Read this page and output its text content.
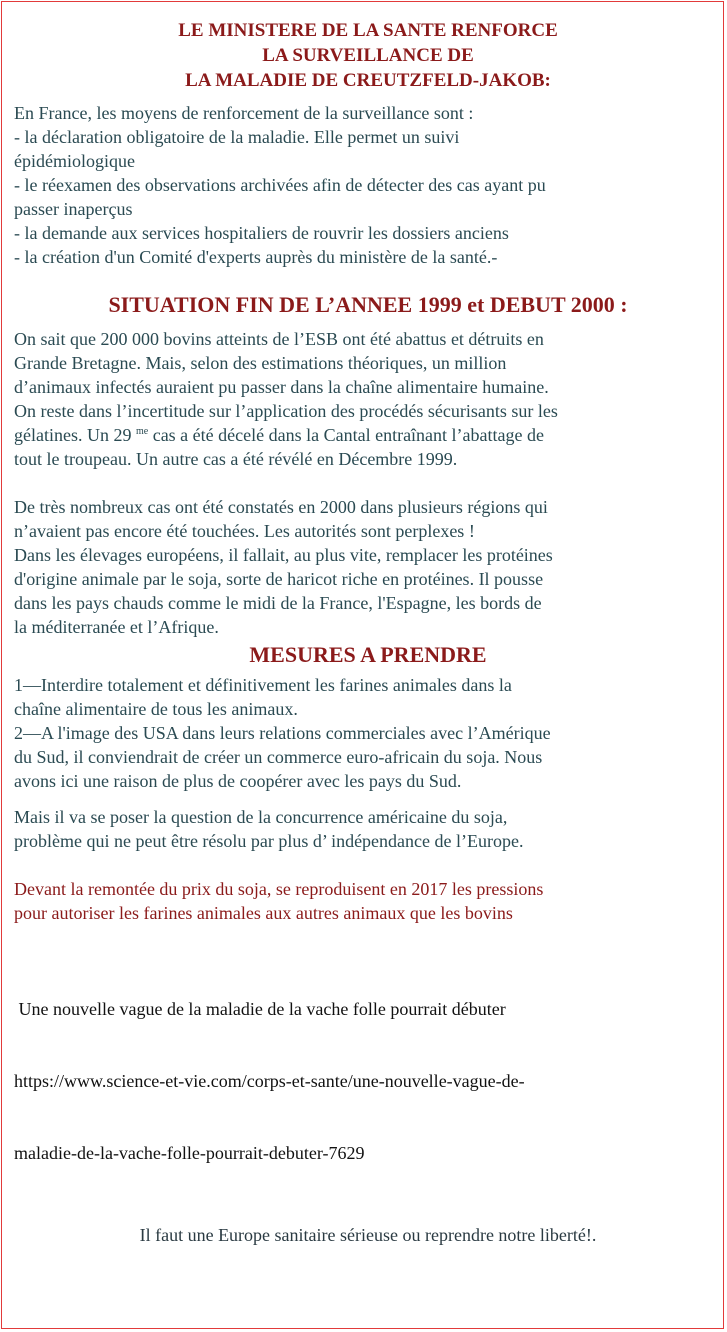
LE MINISTERE DE LA SANTE RENFORCE
LA SURVEILLANCE DE
LA MALADIE DE CREUTZFELD-JAKOB:
En France, les moyens de renforcement de la surveillance sont :
- la déclaration obligatoire de la maladie. Elle permet un suivi
épidémiologique
- le réexamen des observations archivées afin de détecter des cas ayant pu
passer inaperçus
- la demande aux services hospitaliers de rouvrir les dossiers anciens
- la création d'un Comité d'experts auprès du ministère de la santé.-
SITUATION FIN DE L’ANNEE 1999 et DEBUT 2000 :
On sait que 200 000 bovins atteints de l’ESB ont été abattus et détruits en
Grande Bretagne. Mais, selon des estimations théoriques, un million
d’animaux infectés auraient pu passer dans la chaîne alimentaire humaine.
On reste dans l’incertitude sur l’application des procédés sécurisants sur les
gélatines. Un 29 $^{me}$ cas a été décelé dans la Cantal entraînant l’abattage de
tout le troupeau. Un autre cas a été révélé en Décembre 1999.
De très nombreux cas ont été constatés en 2000 dans plusieurs régions qui
n’avaient pas encore été touchées. Les autorités sont perplexes !
Dans les élevages européens, il fallait, au plus vite, remplacer les protéines
d'origine animale par le soja, sorte de haricot riche en protéines. Il pousse
dans les pays chauds comme le midi de la France, l'Espagne, les bords de
la méditerranée et l’Afrique.
MESURES A PRENDRE
1—Interdire totalement et définitivement les farines animales dans la
chaîne alimentaire de tous les animaux.
2—A l'image des USA dans leurs relations commerciales avec l’Amérique
du Sud, il conviendrait de créer un commerce euro-africain du soja. Nous
avons ici une raison de plus de coopérer avec les pays du Sud.
Mais il va se poser la question de la concurrence américaine du soja,
problème qui ne peut être résolu par plus d’ indépendance de l’Europe.
Devant la remontée du prix du soja, se reproduisent en 2017 les pressions
pour autoriser les farines animales aux autres animaux que les bovins

Une nouvelle vague de la maladie de la vache folle pourrait débuter

https://www.science-et-vie.com/corps-et-sante/une-nouvelle-vague-de-

maladie-de-la-vache-folle-pourrait-debuter-7629

Il faut une Europe sanitaire sérieuse ou reprendre notre liberté!.
